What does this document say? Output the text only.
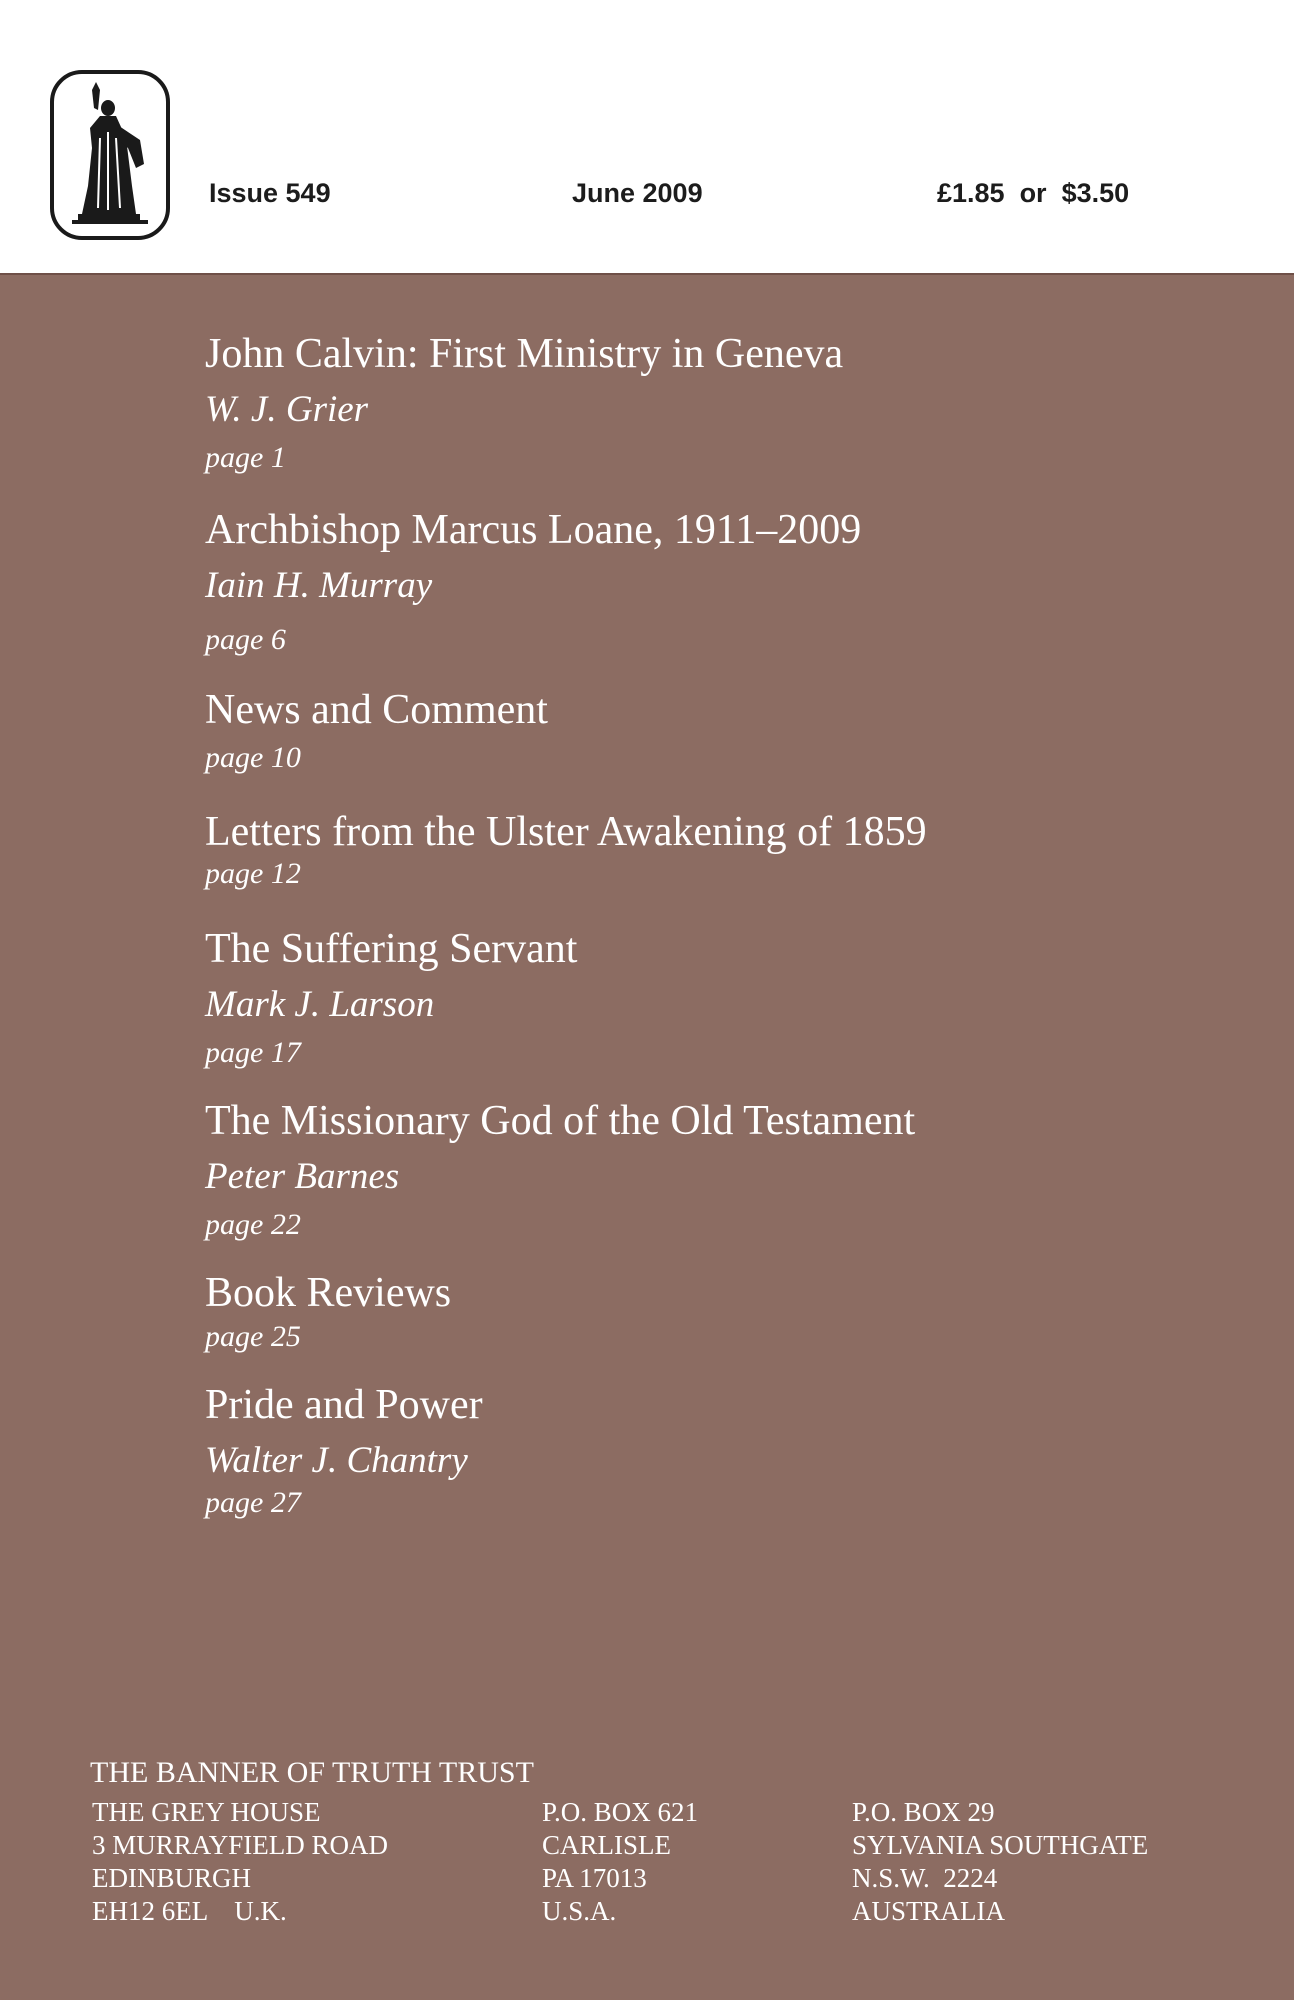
Issue 549	June 2009	£1.85  or  $3.50
John Calvin: First Ministry in Geneva
W. J. Grier
page 1
Archbishop Marcus Loane, 1911–2009
Iain H. Murray
page 6
News and Comment
page 10
Letters from the Ulster Awakening of 1859
page 12
The Suffering Servant
Mark J. Larson
page 17
The Missionary God of the Old Testament
Peter Barnes
page 22
Book Reviews
page 25
Pride and Power
Walter J. Chantry
page 27
THE BANNER OF TRUTH TRUST
THE GREY HOUSE
3 MURRAYFIELD ROAD
EDINBURGH
EH12 6EL    U.K.
P.O. BOX 621
CARLISLE
PA 17013
U.S.A.
P.O. BOX 29
SYLVANIA SOUTHGATE
N.S.W.  2224
AUSTRALIA
